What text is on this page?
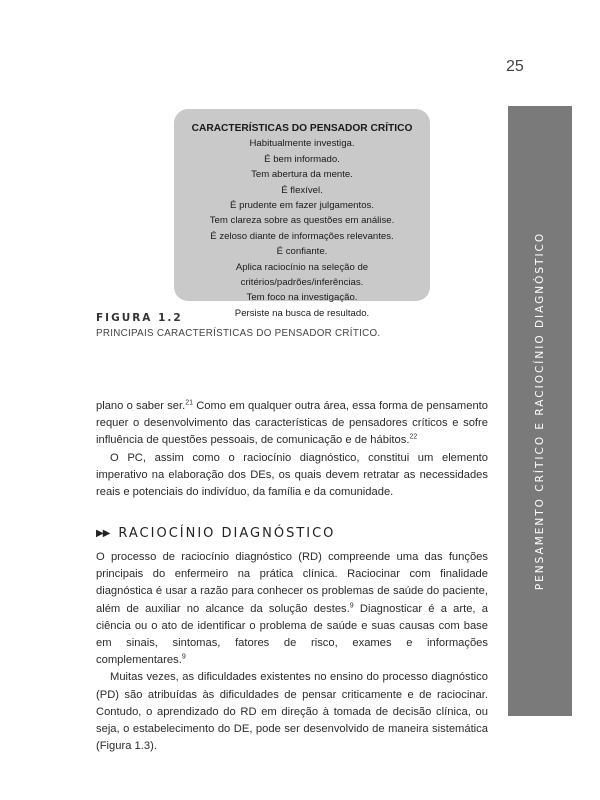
25
PENSAMENTO CRÍTICO E RACIOCÍNIO DIAGNÓSTICO
CARACTERÍSTICAS DO PENSADOR CRÍTICO
Habitualmente investiga.
É bem informado.
Tem abertura da mente.
É flexível.
É prudente em fazer julgamentos.
Tem clareza sobre as questões em análise.
É zeloso diante de informações relevantes.
É confiante.
Aplica raciocínio na seleção de critérios/padrões/inferências.
Tem foco na investigação.
Persiste na busca de resultado.
FIGURA 1.2
PRINCIPAIS CARACTERÍSTICAS DO PENSADOR CRÍTICO.

plano o saber ser.$^{21}$ Como em qualquer outra área, essa forma de pensamento requer o desenvolvimento das características de pensadores críticos e sofre influência de questões pessoais, de comunicação e de hábitos.$^{22}$

O PC, assim como o raciocínio diagnóstico, constitui um elemento imperativo na elaboração dos DEs, os quais devem retratar as necessidades reais e potenciais do indivíduo, da família e da comunidade.

▶▶ RACIOCÍNIO DIAGNÓSTICO

O processo de raciocínio diagnóstico (RD) compreende uma das funções principais do enfermeiro na prática clínica. Raciocinar com finalidade diagnóstica é usar a razão para conhecer os problemas de saúde do paciente, além de auxiliar no alcance da solução destes.$^9$ Diagnosticar é a arte, a ciência ou o ato de identificar o problema de saúde e suas causas com base em sinais, sintomas, fatores de risco, exames e informações complementares.$^9$

Muitas vezes, as dificuldades existentes no ensino do processo diagnóstico (PD) são atribuídas às dificuldades de pensar criticamente e de raciocinar. Contudo, o aprendizado do RD em direção à tomada de decisão clínica, ou seja, o estabelecimento do DE, pode ser desenvolvido de maneira sistemática (Figura 1.3).
